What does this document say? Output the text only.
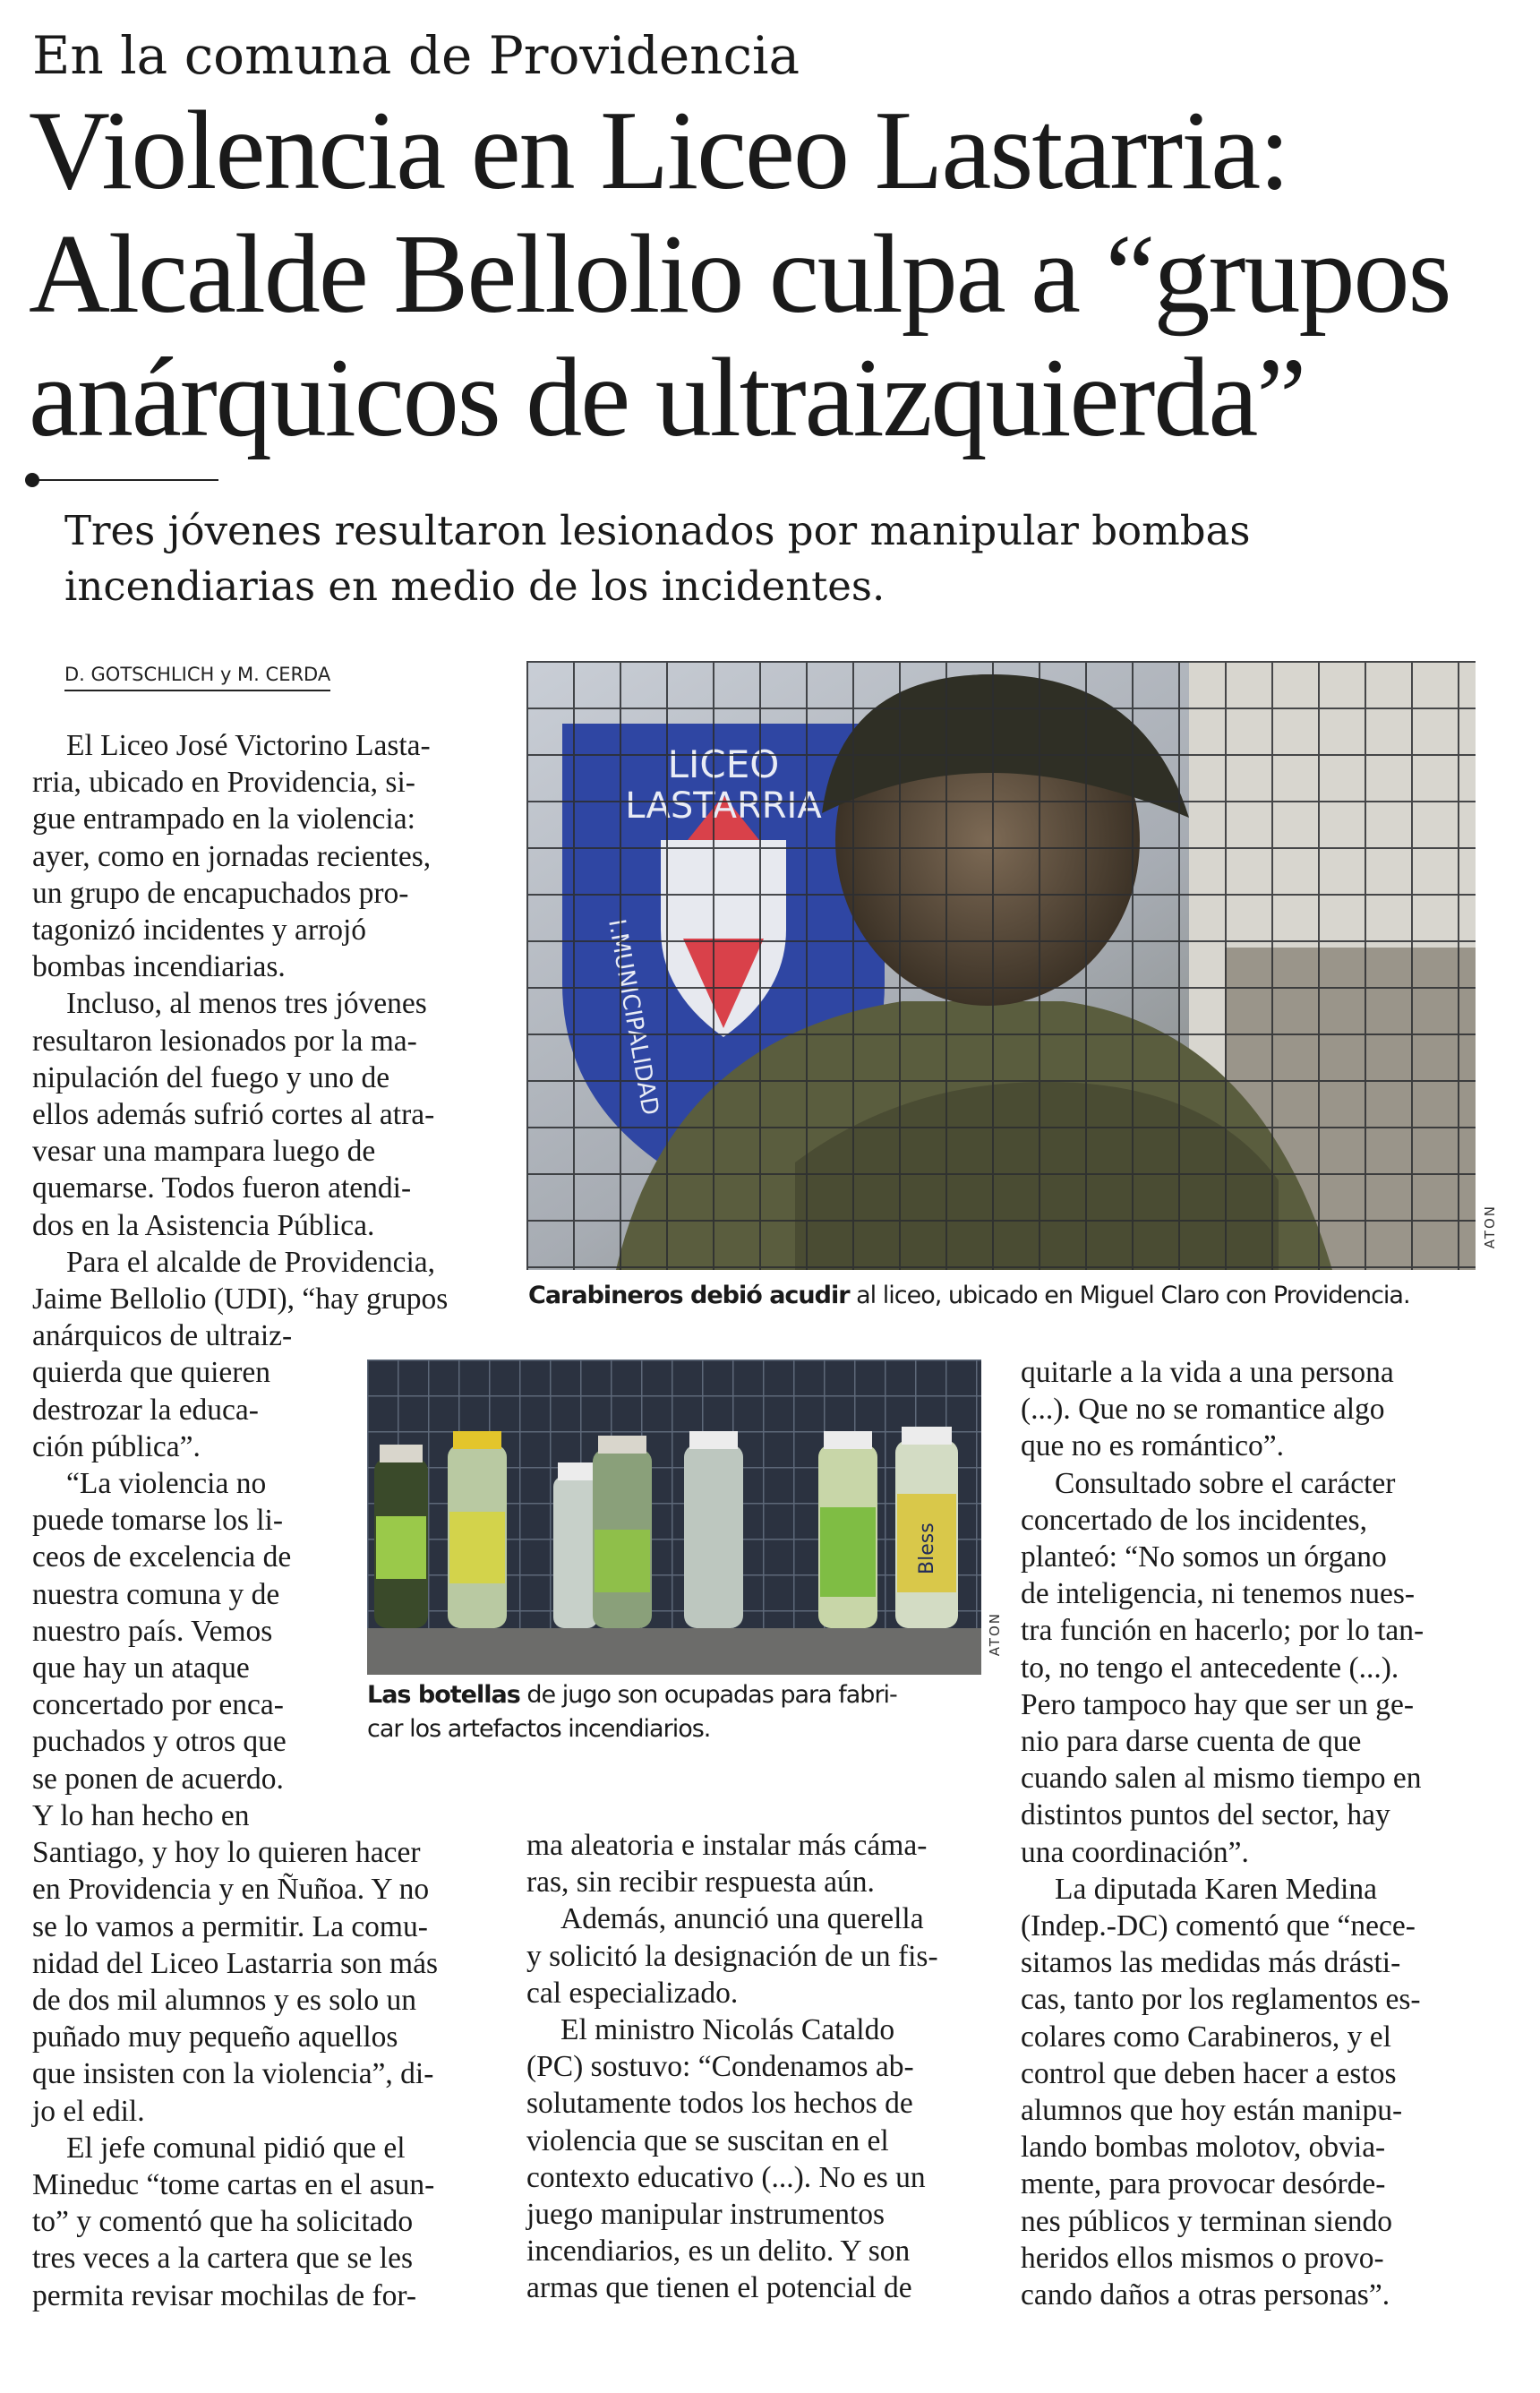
En la comuna de Providencia
Violencia en Liceo Lastarria:
Alcalde Bellolio culpa a “grupos
anárquicos de ultraizquierda”
Tres jóvenes resultaron lesionados por manipular bombas
incendiarias en medio de los incidentes.
D. GOTSCHLICH y M. CERDA
ATON
Carabineros debió acudir al liceo, ubicado en Miguel Claro con Providencia.
Bless
ATON
Las botellas de jugo son ocupadas para fabri-
car los artefactos incendiarios.

El Liceo José Victorino Lasta-
rria, ubicado en Providencia, si-
gue entrampado en la violencia:
ayer, como en jornadas recientes,
un grupo de encapuchados pro-
tagonizó incidentes y arrojó
bombas incendiarias.

Incluso, al menos tres jóvenes
resultaron lesionados por la ma-
nipulación del fuego y uno de
ellos además sufrió cortes al atra-
vesar una mampara luego de
quemarse. Todos fueron atendi-
dos en la Asistencia Pública.

Para el alcalde de Providencia,
Jaime Bellolio (UDI), “hay grupos
anárquicos de ultraiz-
quierda que quieren
destrozar la educa-
ción pública”.

“La violencia no
puede tomarse los li-
ceos de excelencia de
nuestra comuna y de
nuestro país. Vemos
que hay un ataque
concertado por enca-
puchados y otros que
se ponen de acuerdo.
Y lo han hecho en
Santiago, y hoy lo quieren hacer
en Providencia y en Ñuñoa. Y no
se lo vamos a permitir. La comu-
nidad del Liceo Lastarria son más
de dos mil alumnos y es solo un
puñado muy pequeño aquellos
que insisten con la violencia”, di-
jo el edil.

El jefe comunal pidió que el
Mineduc “tome cartas en el asun-
to” y comentó que ha solicitado
tres veces a la cartera que se les
permita revisar mochilas de for-

ma aleatoria e instalar más cáma-
ras, sin recibir respuesta aún.

Además, anunció una querella
y solicitó la designación de un fis-
cal especializado.

El ministro Nicolás Cataldo
(PC) sostuvo: “Condenamos ab-
solutamente todos los hechos de
violencia que se suscitan en el
contexto educativo (...). No es un
juego manipular instrumentos
incendiarios, es un delito. Y son
armas que tienen el potencial de

quitarle a la vida a una persona
(...). Que no se romantice algo
que no es romántico”.

Consultado sobre el carácter
concertado de los incidentes,
planteó: “No somos un órgano
de inteligencia, ni tenemos nues-
tra función en hacerlo; por lo tan-
to, no tengo el antecedente (...).
Pero tampoco hay que ser un ge-
nio para darse cuenta de que
cuando salen al mismo tiempo en
distintos puntos del sector, hay
una coordinación”.

La diputada Karen Medina
(Indep.-DC) comentó que “nece-
sitamos las medidas más drásti-
cas, tanto por los reglamentos es-
colares como Carabineros, y el
control que deben hacer a estos
alumnos que hoy están manipu-
lando bombas molotov, obvia-
mente, para provocar desórde-
nes públicos y terminan siendo
heridos ellos mismos o provo-
cando daños a otras personas”.
